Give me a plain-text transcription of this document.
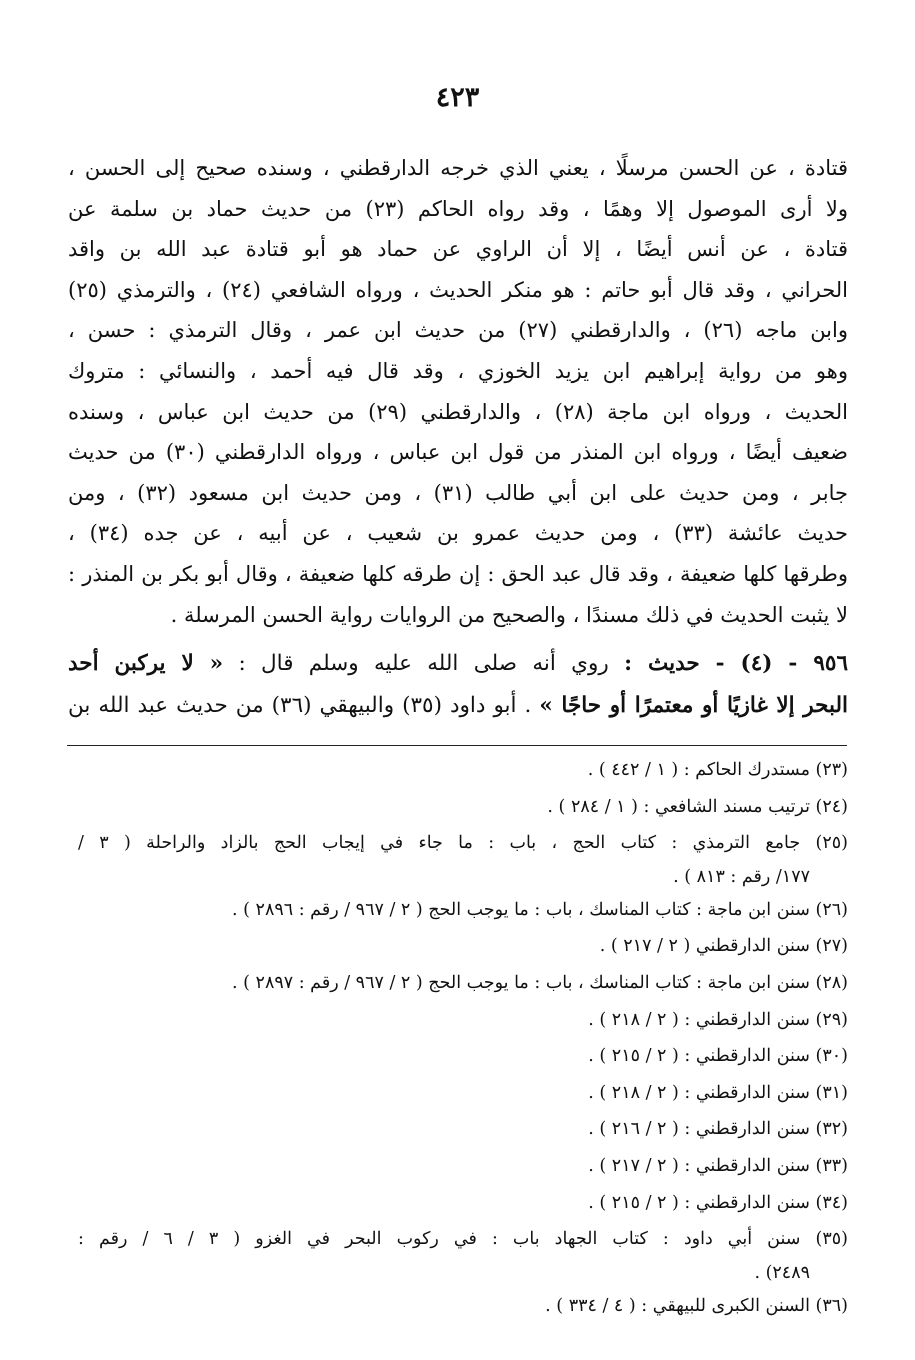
٤٢٣
قتادة ، عن الحسن مرسلًا ، يعني الذي خرجه الدارقطني ، وسنده صحيح إلى الحسن ،
ولا أرى الموصول إلا وهمًا ، وقد رواه الحاكم (٢٣) من حديث حماد بن سلمة عن
قتادة ، عن أنس أيضًا ، إلا أن الراوي عن حماد هو أبو قتادة عبد الله بن واقد
الحراني ، وقد قال أبو حاتم : هو منكر الحديث ، ورواه الشافعي (٢٤) ، والترمذي (٢٥)
وابن ماجه (٢٦) ، والدارقطني (٢٧) من حديث ابن عمر ، وقال الترمذي : حسن ،
وهو من رواية إبراهيم ابن يزيد الخوزي ، وقد قال فيه أحمد ، والنسائي : متروك
الحديث ، ورواه ابن ماجة (٢٨) ، والدارقطني (٢٩) من حديث ابن عباس ، وسنده
ضعيف أيضًا ، ورواه ابن المنذر من قول ابن عباس ، ورواه الدارقطني (٣٠) من حديث
جابر ، ومن حديث على ابن أبي طالب (٣١) ، ومن حديث ابن مسعود (٣٢) ، ومن
حديث عائشة (٣٣) ، ومن حديث عمرو بن شعيب ، عن أبيه ، عن جده (٣٤) ،
وطرقها كلها ضعيفة ، وقد قال عبد الحق : إن طرقه كلها ضعيفة ، وقال أبو بكر بن المنذر :
لا يثبت الحديث في ذلك مسندًا ، والصحيح من الروايات رواية الحسن المرسلة .
٩٥٦ - (٤) - حديث : روي أنه صلى الله عليه وسلم قال : « لا يركبن أحد
البحر إلا غازيًا أو معتمرًا أو حاجًا » . أبو داود (٣٥) والبيهقي (٣٦) من حديث عبد الله بن
(٢٣) مستدرك الحاكم : ( ١ / ٤٤٢ ) .
(٢٤) ترتيب مسند الشافعي : ( ١ / ٢٨٤ ) .
(٢٥) جامع الترمذي : كتاب الحج ، باب : ما جاء في إيجاب الحج بالزاد والراحلة ( ٣ /
١٧٧/ رقم : ٨١٣ ) .
(٢٦) سنن ابن ماجة : كتاب المناسك ، باب : ما يوجب الحج ( ٢ / ٩٦٧ / رقم : ٢٨٩٦ ) .
(٢٧) سنن الدارقطني ( ٢ / ٢١٧ ) .
(٢٨) سنن ابن ماجة : كتاب المناسك ، باب : ما يوجب الحج ( ٢ / ٩٦٧ / رقم : ٢٨٩٧ ) .
(٢٩) سنن الدارقطني : ( ٢ / ٢١٨ ) .
(٣٠) سنن الدارقطني : ( ٢ / ٢١٥ ) .
(٣١) سنن الدارقطني : ( ٢ / ٢١٨ ) .
(٣٢) سنن الدارقطني : ( ٢ / ٢١٦ ) .
(٣٣) سنن الدارقطني : ( ٢ / ٢١٧ ) .
(٣٤) سنن الدارقطني : ( ٢ / ٢١٥ ) .
(٣٥) سنن أبي داود : كتاب الجهاد باب : في ركوب البحر في الغزو ( ٣ / ٦ / رقم :
٢٤٨٩) .
(٣٦) السنن الكبرى للبيهقي : ( ٤ / ٣٣٤ ) .
